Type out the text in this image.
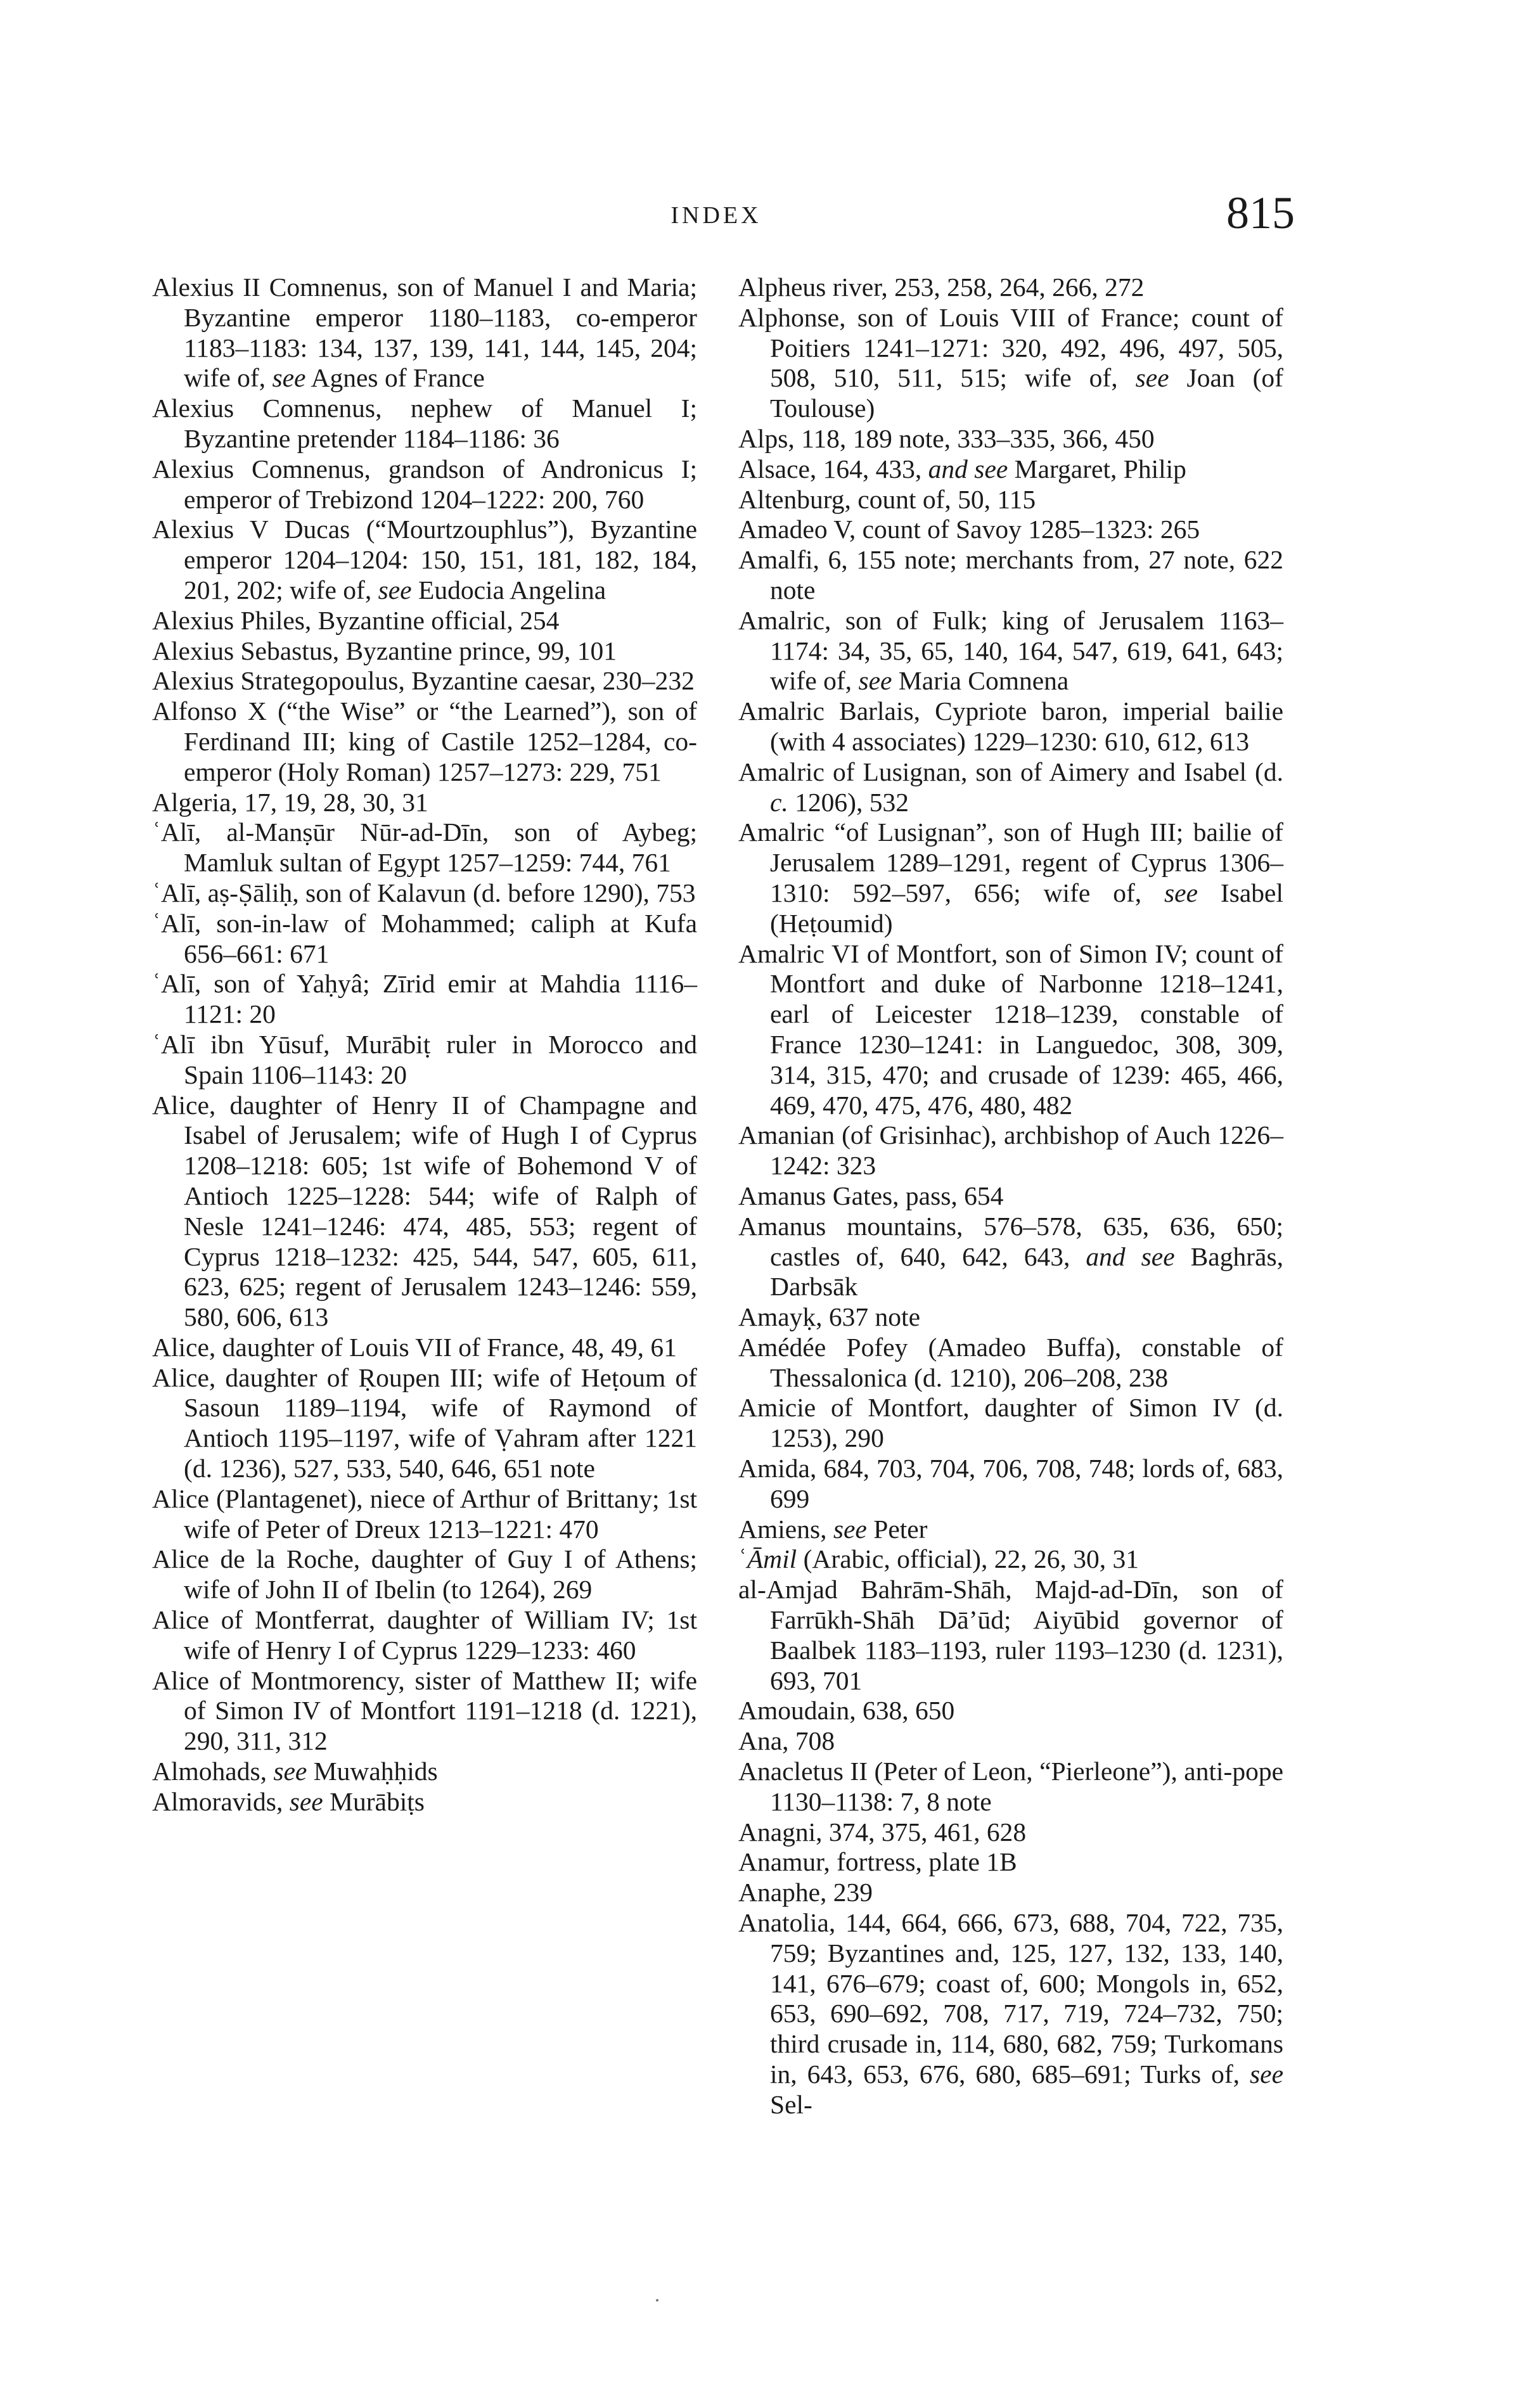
INDEX	815
Alexius II Comnenus, son of Manuel I and Maria; Byzantine emperor 1180–1183, co-emperor 1183–1183: 134, 137, 139, 141, 144, 145, 204; wife of, see Agnes of France
Alexius Comnenus, nephew of Manuel I; Byzantine pretender 1184–1186: 36
Alexius Comnenus, grandson of Andronicus I; emperor of Trebizond 1204–1222: 200, 760
Alexius V Ducas (“Mourtzouphlus”), Byzantine emperor 1204–1204: 150, 151, 181, 182, 184, 201, 202; wife of, see Eudocia Angelina
Alexius Philes, Byzantine official, 254
Alexius Sebastus, Byzantine prince, 99, 101
Alexius Strategopoulus, Byzantine caesar, 230–232
Alfonso X (“the Wise” or “the Learned”), son of Ferdinand III; king of Castile 1252–1284, co-emperor (Holy Roman) 1257–1273: 229, 751
Algeria, 17, 19, 28, 30, 31
ʿAlī, al-Manṣūr Nūr-ad-Dīn, son of Aybeg; Mamluk sultan of Egypt 1257–1259: 744, 761
ʿAlī, aṣ-Ṣāliḥ, son of Kalavun (d. before 1290), 753
ʿAlī, son-in-law of Mohammed; caliph at Kufa 656–661: 671
ʿAlī, son of Yaḥyâ; Zīrid emir at Mahdia 1116–1121: 20
ʿAlī ibn Yūsuf, Murābiṭ ruler in Morocco and Spain 1106–1143: 20
Alice, daughter of Henry II of Champagne and Isabel of Jerusalem; wife of Hugh I of Cyprus 1208–1218: 605; 1st wife of Bohemond V of Antioch 1225–1228: 544; wife of Ralph of Nesle 1241–1246: 474, 485, 553; regent of Cyprus 1218–1232: 425, 544, 547, 605, 611, 623, 625; regent of Jerusalem 1243–1246: 559, 580, 606, 613
Alice, daughter of Louis VII of France, 48, 49, 61
Alice, daughter of Ṛoupen III; wife of Heṭoum of Sasoun 1189–1194, wife of Raymond of Antioch 1195–1197, wife of Ṿahram after 1221 (d. 1236), 527, 533, 540, 646, 651 note
Alice (Plantagenet), niece of Arthur of Brittany; 1st wife of Peter of Dreux 1213–1221: 470
Alice de la Roche, daughter of Guy I of Athens; wife of John II of Ibelin (to 1264), 269
Alice of Montferrat, daughter of William IV; 1st wife of Henry I of Cyprus 1229–1233: 460
Alice of Montmorency, sister of Matthew II; wife of Simon IV of Montfort 1191–1218 (d. 1221), 290, 311, 312
Almohads, see Muwaḥḥids
Almoravids, see Murābiṭs
Alpheus river, 253, 258, 264, 266, 272
Alphonse, son of Louis VIII of France; count of Poitiers 1241–1271: 320, 492, 496, 497, 505, 508, 510, 511, 515; wife of, see Joan (of Toulouse)
Alps, 118, 189 note, 333–335, 366, 450
Alsace, 164, 433, and see Margaret, Philip
Altenburg, count of, 50, 115
Amadeo V, count of Savoy 1285–1323: 265
Amalfi, 6, 155 note; merchants from, 27 note, 622 note
Amalric, son of Fulk; king of Jerusalem 1163–1174: 34, 35, 65, 140, 164, 547, 619, 641, 643; wife of, see Maria Comnena
Amalric Barlais, Cypriote baron, imperial bailie (with 4 associates) 1229–1230: 610, 612, 613
Amalric of Lusignan, son of Aimery and Isabel (d. c. 1206), 532
Amalric “of Lusignan”, son of Hugh III; bailie of Jerusalem 1289–1291, regent of Cyprus 1306–1310: 592–597, 656; wife of, see Isabel (Heṭoumid)
Amalric VI of Montfort, son of Simon IV; count of Montfort and duke of Narbonne 1218–1241, earl of Leicester 1218–1239, constable of France 1230–1241: in Languedoc, 308, 309, 314, 315, 470; and crusade of 1239: 465, 466, 469, 470, 475, 476, 480, 482
Amanian (of Grisinhac), archbishop of Auch 1226–1242: 323
Amanus Gates, pass, 654
Amanus mountains, 576–578, 635, 636, 650; castles of, 640, 642, 643, and see Baghrās, Darbsāk
Amayḳ, 637 note
Amédée Pofey (Amadeo Buffa), constable of Thessalonica (d. 1210), 206–208, 238
Amicie of Montfort, daughter of Simon IV (d. 1253), 290
Amida, 684, 703, 704, 706, 708, 748; lords of, 683, 699
Amiens, see Peter
ʿĀmil (Arabic, official), 22, 26, 30, 31
al-Amjad Bahrām-Shāh, Majd-ad-Dīn, son of Farrūkh-Shāh Dā’ūd; Aiyūbid governor of Baalbek 1183–1193, ruler 1193–1230 (d. 1231), 693, 701
Amoudain, 638, 650
Ana, 708
Anacletus II (Peter of Leon, “Pierleone”), anti-pope 1130–1138: 7, 8 note
Anagni, 374, 375, 461, 628
Anamur, fortress, plate 1B
Anaphe, 239
Anatolia, 144, 664, 666, 673, 688, 704, 722, 735, 759; Byzantines and, 125, 127, 132, 133, 140, 141, 676–679; coast of, 600; Mongols in, 652, 653, 690–692, 708, 717, 719, 724–732, 750; third crusade in, 114, 680, 682, 759; Turkomans in, 643, 653, 676, 680, 685–691; Turks of, see Sel-
